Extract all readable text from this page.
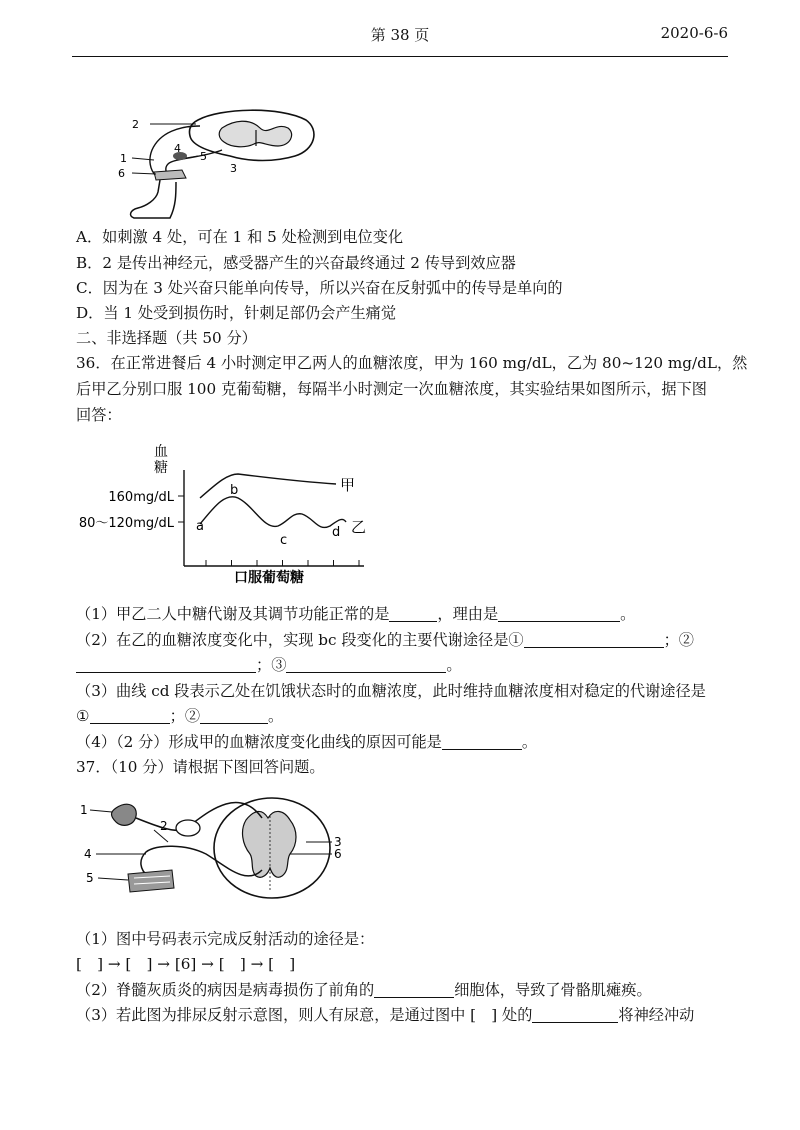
第 38 页	2020-6-6
2
1
6
4
5
3
A．如刺激 4 处，可在 1 和 5 处检测到电位变化
B．2 是传出神经元，感受器产生的兴奋最终通过 2 传导到效应器
C．因为在 3 处兴奋只能单向传导，所以兴奋在反射弧中的传导是单向的
D．当 1 处受到损伤时，针刺足部仍会产生痛觉
二、非选择题（共 50 分）
36．在正常进餐后 4 小时测定甲乙两人的血糖浓度，甲为 160 mg/dL，乙为 80~120 mg/dL，然
后甲乙分别口服 100 克葡萄糖，每隔半小时测定一次血糖浓度，其实验结果如图所示，据下图
回答：
160mg/dL
80～120mg/dL
甲
乙
a
b
c
d
口服葡萄糖
血
糖
（1）甲乙二人中糖代谢及其调节功能正常的是	，理由是	。
（2）在乙的血糖浓度变化中，实现 bc 段变化的主要代谢途径是①	；②
；③	。
（3）曲线 cd 段表示乙处在饥饿状态时的血糖浓度，此时维持血糖浓度相对稳定的代谢途径是
①	；②	。
（4）（2 分）形成甲的血糖浓度变化曲线的原因可能是	。
37．（10 分）请根据下图回答问题。
1
2
3
4
5
6
（1）图中号码表示完成反射活动的途径是：
[　] → [　] → [6] → [　] → [　]
（2）脊髓灰质炎的病因是病毒损伤了前角的	细胞体，导致了骨骼肌瘫痪。
（3）若此图为排尿反射示意图，则人有尿意，是通过图中 [　] 处的	将神经冲动
